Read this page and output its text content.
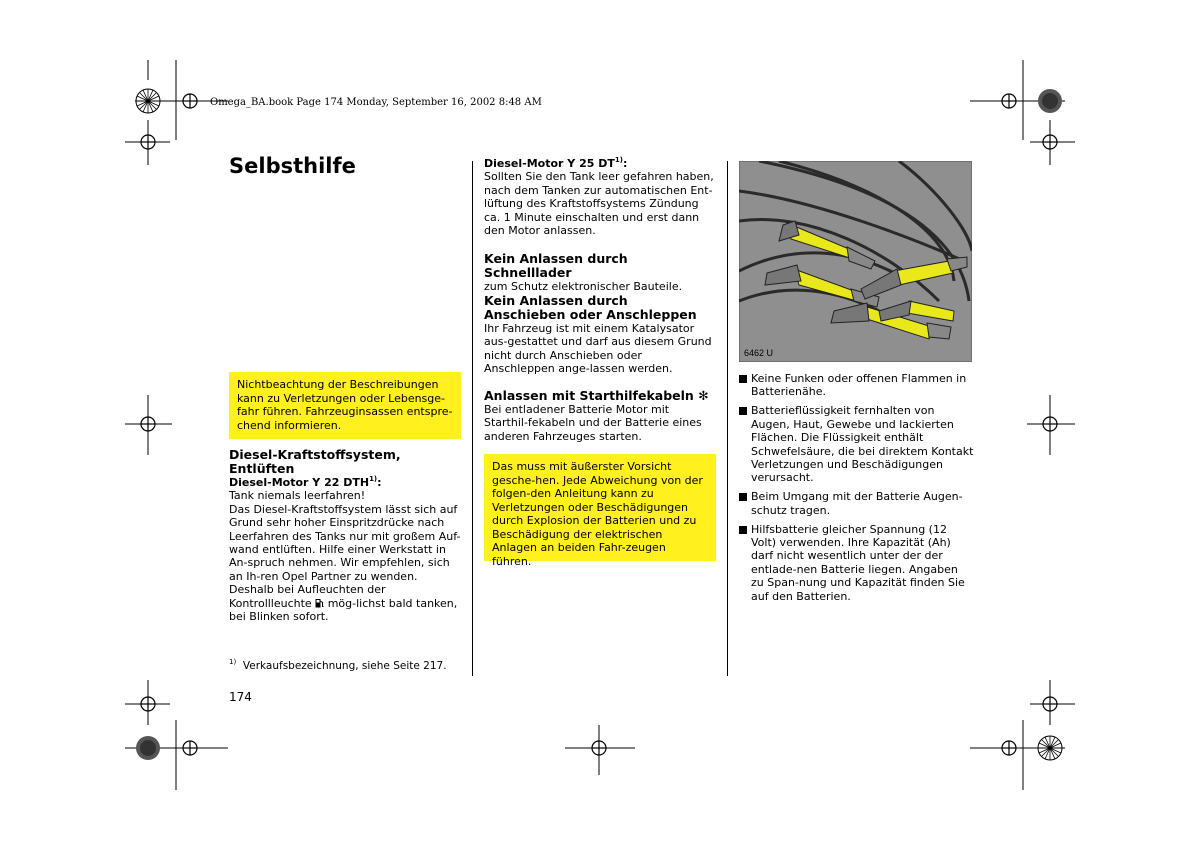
Omega_BA.book Page 174 Monday, September 16, 2002 8:48 AM
Selbsthilfe
Nichtbeachtung der Beschreibungen kann zu Verletzungen oder Lebensge-fahr führen. Fahrzeuginsassen entspre-chend informieren.

Diesel-Kraftstoffsystem, Entlüften

Diesel-Motor Y 22 DTH$^{1)}$:

Tank niemals leerfahren!

Das Diesel-Kraftstoffsystem lässt sich auf Grund sehr hoher Einspritzdrücke nach Leerfahren des Tanks nur mit großem Auf-wand entlüften. Hilfe einer Werkstatt in An-spruch nehmen. Wir empfehlen, sich an Ih-ren Opel Partner zu wenden. Deshalb bei Aufleuchten der Kontrollleuchte mög-lichst bald tanken, bei Blinken sofort.

$^{1)}$ Verkaufsbezeichnung, siehe Seite 217.
174

Diesel-Motor Y 25 DT$^{1)}$:

Sollten Sie den Tank leer gefahren haben, nach dem Tanken zur automatischen Ent-lüftung des Kraftstoffsystems Zündung ca. 1 Minute einschalten und erst dann den Motor anlassen.

Kein Anlassen durch Schnelllader

zum Schutz elektronischer Bauteile.

Kein Anlassen durch
Anschieben oder Anschleppen

Ihr Fahrzeug ist mit einem Katalysator aus-gestattet und darf aus diesem Grund nicht durch Anschieben oder Anschleppen ange-lassen werden.

Anlassen mit Starthilfekabeln ✻

Bei entladener Batterie Motor mit Starthil-fekabeln und der Batterie eines anderen Fahrzeuges starten.

Das muss mit äußerster Vorsicht gesche-hen. Jede Abweichung von der folgen-den Anleitung kann zu Verletzungen oder Beschädigungen durch Explosion der Batterien und zu Beschädigung der elektrischen Anlagen an beiden Fahr-zeugen führen.
6462 U
Keine Funken oder offenen Flammen in Batterienähe.
Batterieflüssigkeit fernhalten von Augen, Haut, Gewebe und lackierten Flächen. Die Flüssigkeit enthält Schwefelsäure, die bei direktem Kontakt Verletzungen und Beschädigungen verursacht.
Beim Umgang mit der Batterie Augen-schutz tragen.
Hilfsbatterie gleicher Spannung (12 Volt) verwenden. Ihre Kapazität (Ah) darf nicht wesentlich unter der der entlade-nen Batterie liegen. Angaben zu Span-nung und Kapazität finden Sie auf den Batterien.
